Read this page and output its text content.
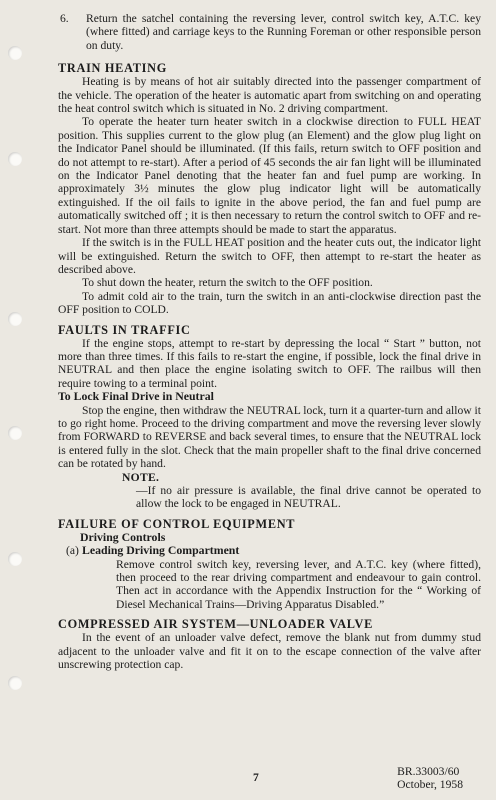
6.	Return the satchel containing the reversing lever, control switch key, A.T.C. key (where fitted) and carriage keys to the Running Foreman or other responsible person on duty.
TRAIN HEATING

Heating is by means of hot air suitably directed into the passenger compartment of the vehicle. The operation of the heater is automatic apart from switching on and operating the heat control switch which is situated in No. 2 driving compartment.

To operate the heater turn heater switch in a clockwise direction to FULL HEAT position. This supplies current to the glow plug (an Element) and the glow plug light on the Indicator Panel should be illuminated. (If this fails, return switch to OFF position and do not attempt to re-start). After a period of 45 seconds the air fan light will be illuminated on the Indicator Panel denoting that the heater fan and fuel pump are working. In approximately 3½ minutes the glow plug indicator light will be automatically extinguished. If the oil fails to ignite in the above period, the fan and fuel pump are automatically switched off ; it is then necessary to return the control switch to OFF and re-start. Not more than three attempts should be made to start the apparatus.

If the switch is in the FULL HEAT position and the heater cuts out, the indicator light will be extinguished. Return the switch to OFF, then attempt to re-start the heater as described above.

To shut down the heater, return the switch to the OFF position.

To admit cold air to the train, turn the switch in an anti-clockwise direction past the OFF position to COLD.

FAULTS IN TRAFFIC

If the engine stops, attempt to re-start by depressing the local “ Start ” button, not more than three times. If this fails to re-start the engine, if possible, lock the final drive in NEUTRAL and then place the engine isolating switch to OFF. The railbus will then require towing to a terminal point.

To Lock Final Drive in Neutral

Stop the engine, then withdraw the NEUTRAL lock, turn it a quarter-turn and allow it to go right home. Proceed to the driving compartment and move the reversing lever slowly from FORWARD to REVERSE and back several times, to ensure that the NEUTRAL lock is entered fully in the slot. Check that the main propeller shaft to the final drive concerned can be rotated by hand.

NOTE.
—If no air pressure is available, the final drive cannot be operated to allow the lock to be engaged in NEUTRAL.
FAILURE OF CONTROL EQUIPMENT
Driving Controls
(a) Leading Driving Compartment

Remove control switch key, reversing lever, and A.T.C. key (where fitted), then proceed to the rear driving compartment and endeavour to gain control. Then act in accordance with the Appendix Instruction for the “ Working of Diesel Mechanical Trains—Driving Apparatus Disabled.”

COMPRESSED AIR SYSTEM—UNLOADER VALVE

In the event of an unloader valve defect, remove the blank nut from dummy stud adjacent to the unloader valve and fit it on to the escape connection of the valve after unscrewing protection cap.

7	BR.33003/60
October, 1958
